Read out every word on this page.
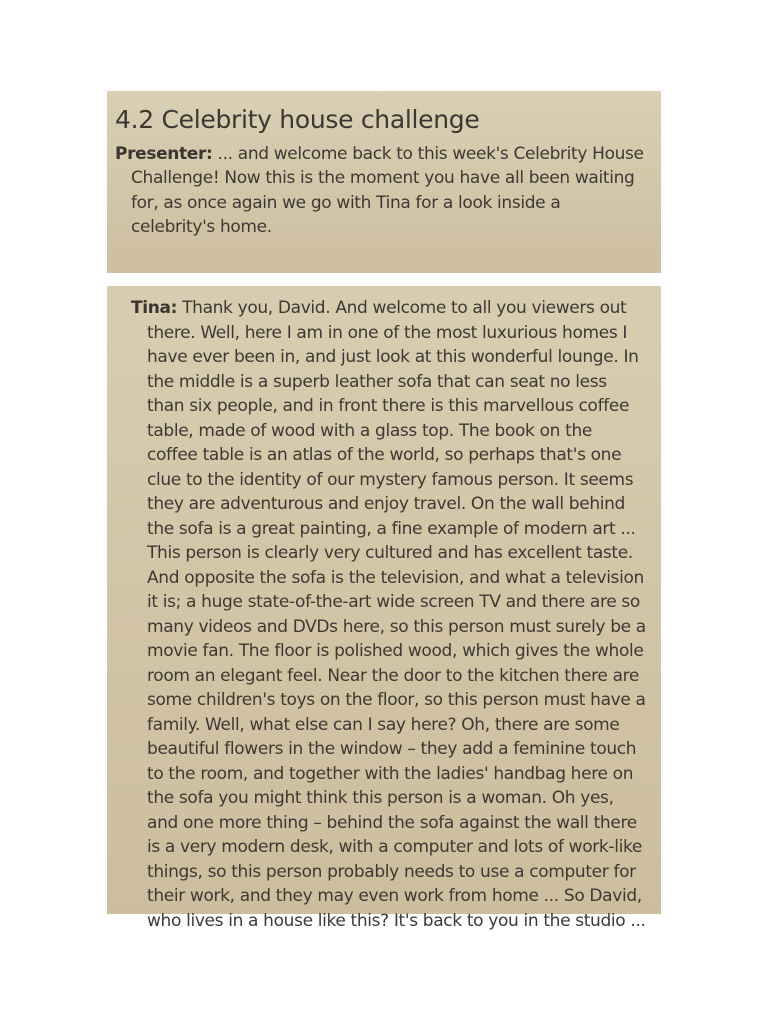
4.2 Celebrity house challenge

Presenter: ... and welcome back to this week's Celebrity House Challenge! Now this is the moment you have all been waiting for, as once again we go with Tina for a look inside a celebrity's home.

Tina: Thank you, David. And welcome to all you viewers out there. Well, here I am in one of the most luxurious homes I have ever been in, and just look at this wonderful lounge. In the middle is a superb leather sofa that can seat no less than six people, and in front there is this marvellous coffee table, made of wood with a glass top. The book on the coffee table is an atlas of the world, so perhaps that's one clue to the identity of our mystery famous person. It seems they are adventurous and enjoy travel. On the wall behind the sofa is a great painting, a fine example of modern art ... This person is clearly very cultured and has excellent taste. And opposite the sofa is the television, and what a television it is; a huge state-of-the-art wide screen TV and there are so many videos and DVDs here, so this person must surely be a movie fan. The floor is polished wood, which gives the whole room an elegant feel. Near the door to the kitchen there are some children's toys on the floor, so this person must have a family. Well, what else can I say here? Oh, there are some beautiful flowers in the window – they add a feminine touch to the room, and together with the ladies' handbag here on the sofa you might think this person is a woman. Oh yes, and one more thing – behind the sofa against the wall there is a very modern desk, with a computer and lots of work-like things, so this person probably needs to use a computer for their work, and they may even work from home ... So David, who lives in a house like this? It's back to you in the studio ...
